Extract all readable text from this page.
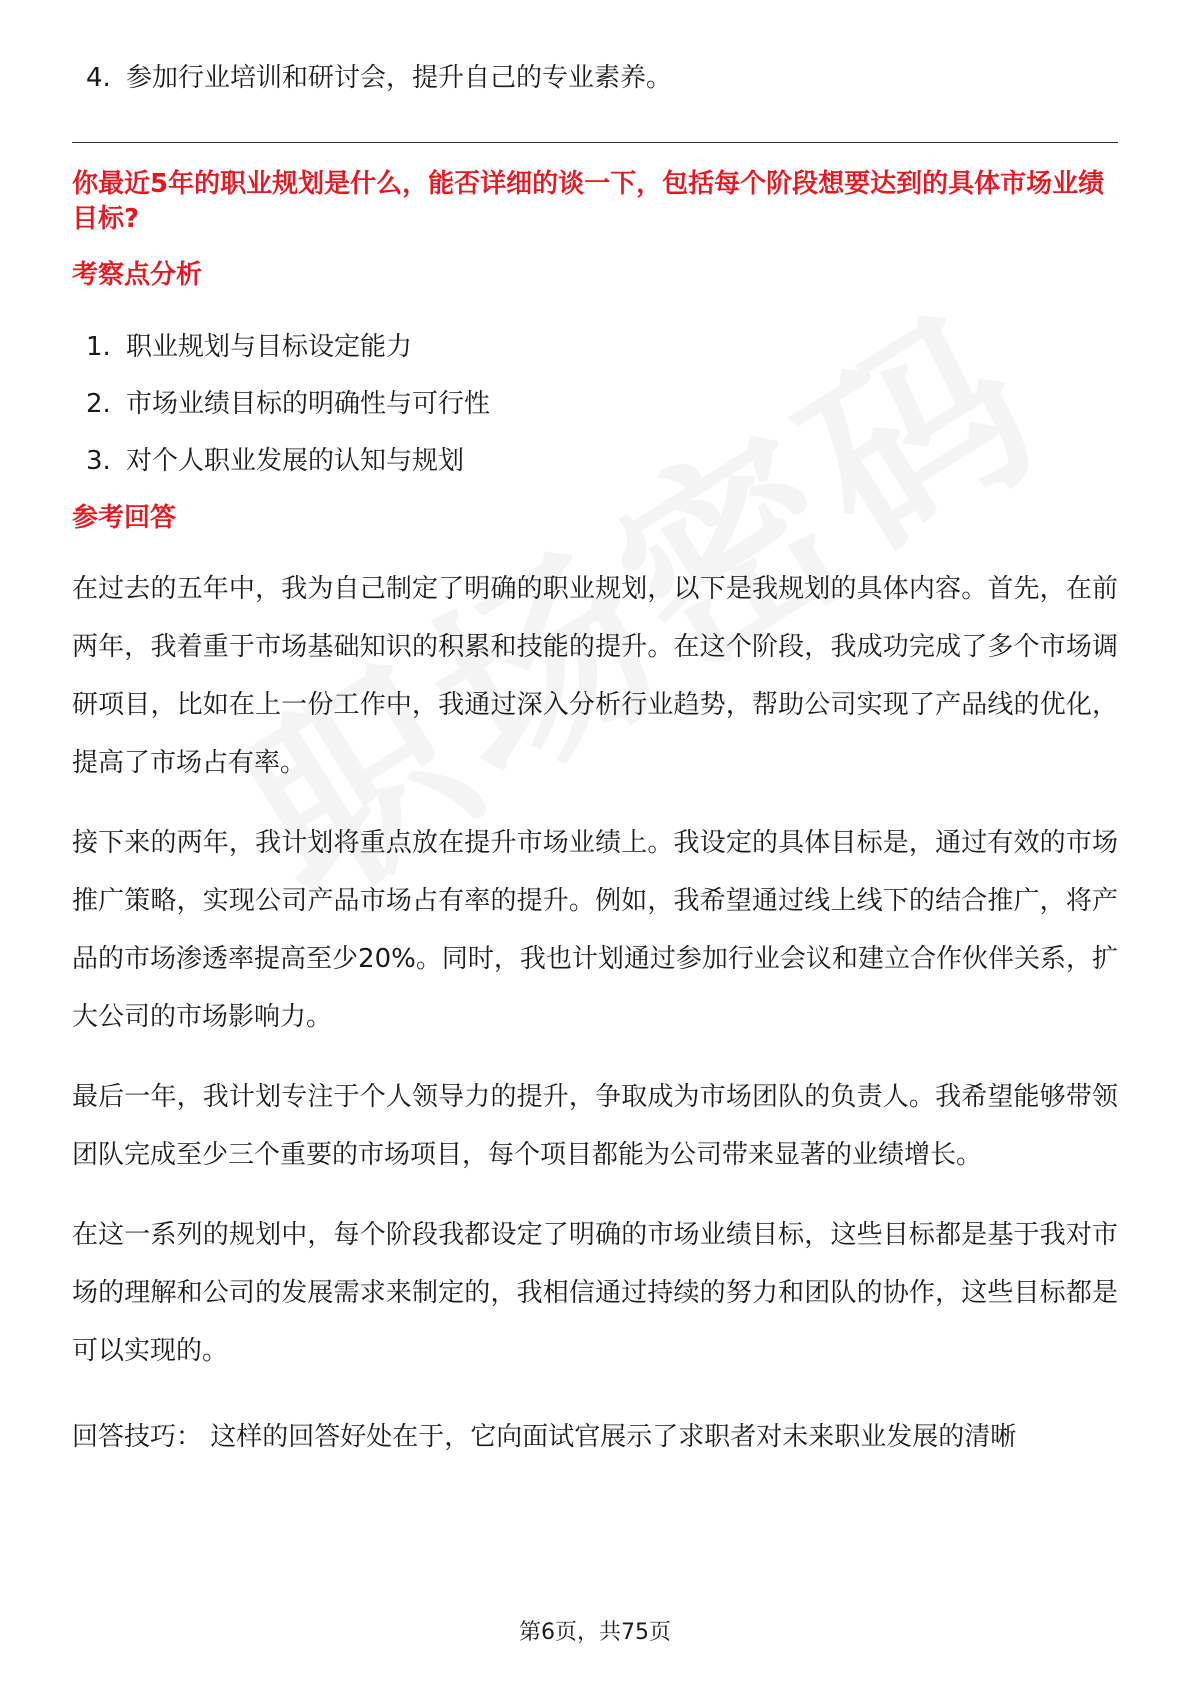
4. 参加行业培训和研讨会，提升自己的专业素养。

你最近5年的职业规划是什么，能否详细的谈一下，包括每个阶段想要达到的具体市场业绩目标?

考察点分析

1. 职业规划与目标设定能力
2. 市场业绩目标的明确性与可行性
3. 对个人职业发展的认知与规划

参考回答

在过去的五年中，我为自己制定了明确的职业规划，以下是我规划的具体内容。首先，在前两年，我着重于市场基础知识的积累和技能的提升。在这个阶段，我成功完成了多个市场调研项目，比如在上一份工作中，我通过深入分析行业趋势，帮助公司实现了产品线的优化，提高了市场占有率。

接下来的两年，我计划将重点放在提升市场业绩上。我设定的具体目标是，通过有效的市场推广策略，实现公司产品市场占有率的提升。例如，我希望通过线上线下的结合推广，将产品的市场渗透率提高至少20%。同时，我也计划通过参加行业会议和建立合作伙伴关系，扩大公司的市场影响力。

最后一年，我计划专注于个人领导力的提升，争取成为市场团队的负责人。我希望能够带领团队完成至少三个重要的市场项目，每个项目都能为公司带来显著的业绩增长。

在这一系列的规划中，每个阶段我都设定了明确的市场业绩目标，这些目标都是基于我对市场的理解和公司的发展需求来制定的，我相信通过持续的努力和团队的协作，这些目标都是可以实现的。

回答技巧： 这样的回答好处在于，它向面试官展示了求职者对未来职业发展的清晰

第6页，共75页
